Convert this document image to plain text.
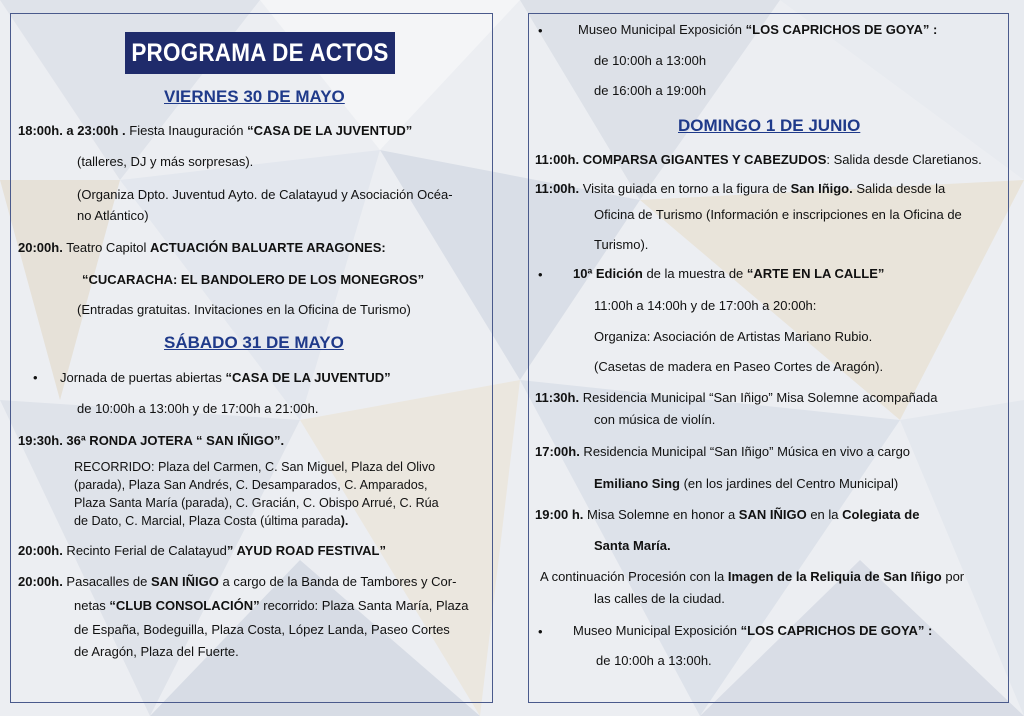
PROGRAMA DE ACTOS
VIERNES 30 DE MAYO
18:00h. a 23:00h . Fiesta Inauguración “CASA DE LA JUVENTUD”
(talleres, DJ y más sorpresas).
(Organiza Dpto. Juventud Ayto. de Calatayud y Asociación Océa-
no Atlántico)
20:00h. Teatro Capitol ACTUACIÓN BALUARTE ARAGONES:
“CUCARACHA: EL BANDOLERO DE LOS MONEGROS”
(Entradas gratuitas. Invitaciones en la Oficina de Turismo)
SÁBADO 31 DE MAYO
• Jornada de puertas abiertas “CASA DE LA JUVENTUD”
de 10:00h a 13:00h y de 17:00h a 21:00h.
19:30h. 36ª RONDA JOTERA “ SAN IÑIGO”.
RECORRIDO: Plaza del Carmen, C. San Miguel, Plaza del Olivo
(parada), Plaza San Andrés, C. Desamparados, C. Amparados,
Plaza Santa María (parada), C. Gracián, C. Obispo Arrué, C. Rúa
de Dato, C. Marcial, Plaza Costa (última parada).
20:00h. Recinto Ferial de Calatayud” AYUD ROAD FESTIVAL”
20:00h. Pasacalles de SAN IÑIGO a cargo de la Banda de Tambores y Cor-
netas “CLUB CONSOLACIÓN” recorrido: Plaza Santa María, Plaza
de España, Bodeguilla, Plaza Costa, López Landa, Paseo Cortes
de Aragón, Plaza del Fuerte.
•	Museo Municipal Exposición “LOS CAPRICHOS DE GOYA” :
de 10:00h a 13:00h
de 16:00h a 19:00h
DOMINGO 1 DE JUNIO
11:00h. COMPARSA GIGANTES Y CABEZUDOS: Salida desde Claretianos.
11:00h. Visita guiada en torno a la figura de San Iñigo. Salida desde la
Oficina de Turismo (Información e inscripciones en la Oficina de
Turismo).
• 10ª Edición de la muestra de “ARTE EN LA CALLE”
11:00h a 14:00h y de 17:00h a 20:00h:
Organiza: Asociación de Artistas Mariano Rubio.
(Casetas de madera en Paseo Cortes de Aragón).
11:30h. Residencia Municipal “San Iñigo” Misa Solemne acompañada
con música de violín.
17:00h. Residencia Municipal “San Iñigo” Música en vivo a cargo
Emiliano Sing (en los jardines del Centro Municipal)
19:00 h. Misa Solemne en honor a SAN IÑIGO en la Colegiata de
Santa María.
A continuación Procesión con la Imagen de la Reliquia de San Iñigo por
las calles de la ciudad.
• Museo Municipal Exposición “LOS CAPRICHOS DE GOYA” :
de 10:00h a 13:00h.
